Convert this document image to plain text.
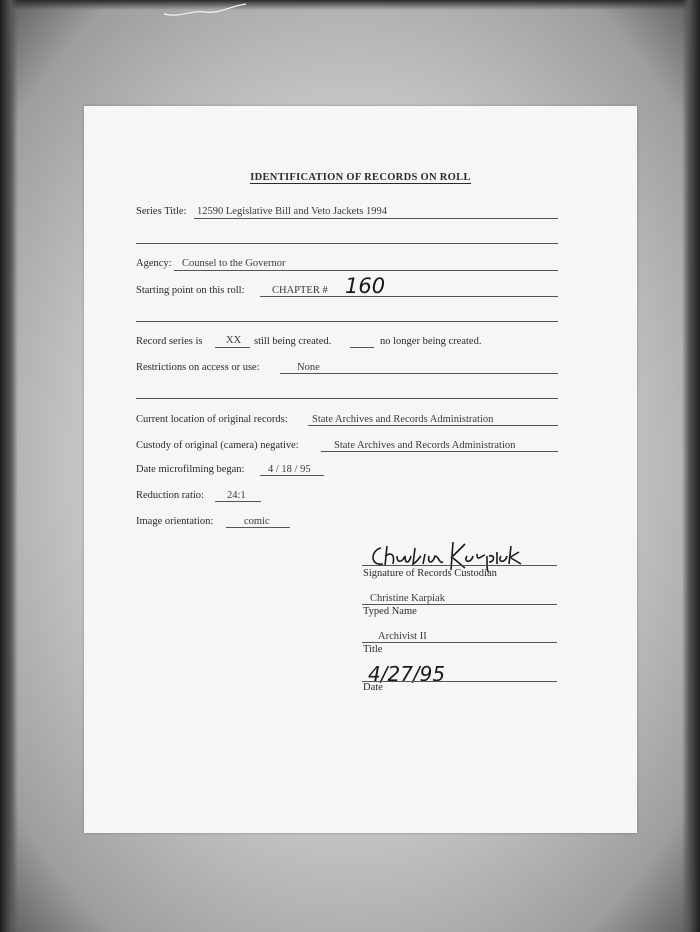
IDENTIFICATION OF RECORDS ON ROLL
Series Title: 12590 Legislative Bill and Veto Jackets 1994
Agency: Counsel to the Governor
Starting point on this roll:	CHAPTER # 160
Record series is XX still being created.	no longer being created.
Restrictions on access or use:	None
Current location of original records: State Archives and Records Administration
Custody of original (camera) negative:	State Archives and Records Administration
Date microfilming began: 4 / 18 / 95
Reduction ratio: 24:1
Image orientation:	comic
Signature of Records Custodian
Christine Karpiak
Typed Name
Archivist II
Title
4/27/95
Date
